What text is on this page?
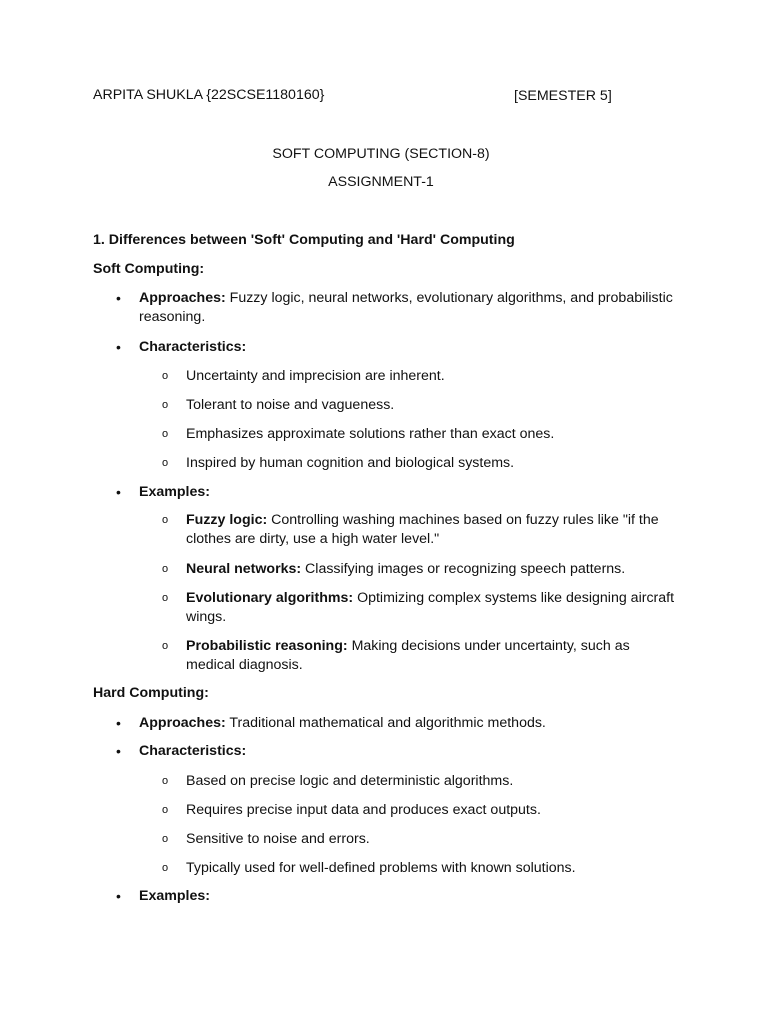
ARPITA SHUKLA {22SCSE1180160}	[SEMESTER 5]
SOFT COMPUTING (SECTION-8)
ASSIGNMENT-1
1. Differences between 'Soft' Computing and 'Hard' Computing
Soft Computing:
• Approaches: Fuzzy logic, neural networks, evolutionary algorithms, and probabilistic reasoning.
• Characteristics:
o Uncertainty and imprecision are inherent.
o Tolerant to noise and vagueness.
o Emphasizes approximate solutions rather than exact ones.
o Inspired by human cognition and biological systems.
• Examples:
o Fuzzy logic: Controlling washing machines based on fuzzy rules like "if the clothes are dirty, use a high water level."
o Neural networks: Classifying images or recognizing speech patterns.
o Evolutionary algorithms: Optimizing complex systems like designing aircraft wings.
o Probabilistic reasoning: Making decisions under uncertainty, such as medical diagnosis.
Hard Computing:
• Approaches: Traditional mathematical and algorithmic methods.
• Characteristics:
o Based on precise logic and deterministic algorithms.
o Requires precise input data and produces exact outputs.
o Sensitive to noise and errors.
o Typically used for well-defined problems with known solutions.
• Examples:
